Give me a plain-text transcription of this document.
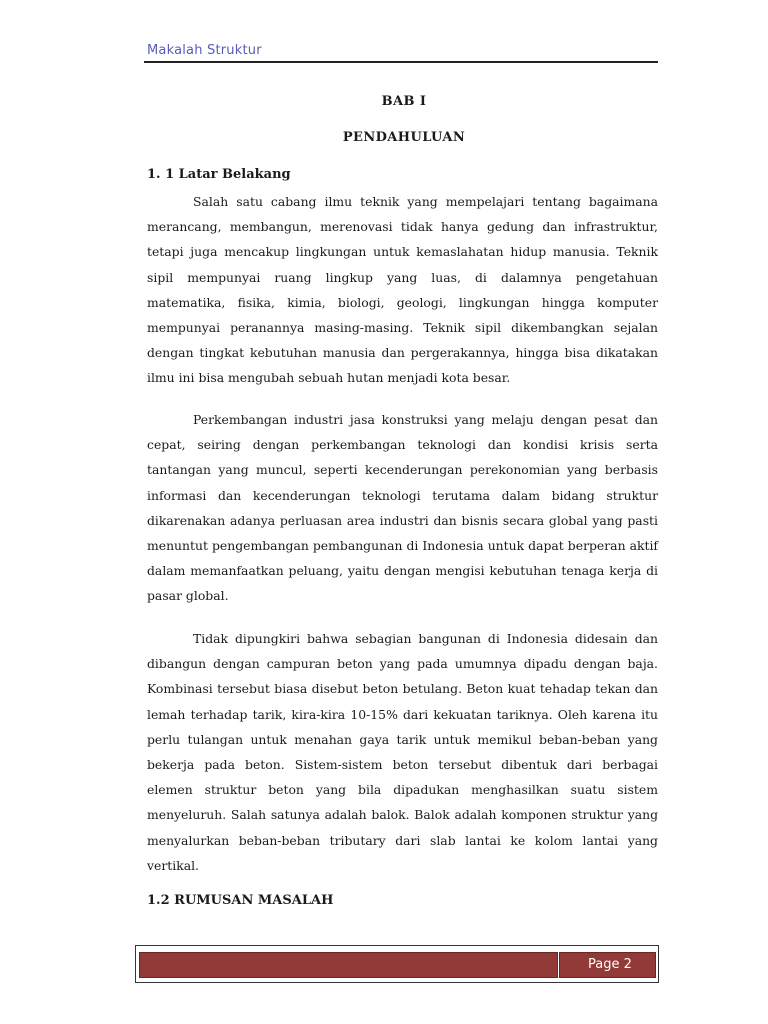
Makalah Struktur
BAB I
PENDAHULUAN
1. 1 Latar Belakang

Salah satu cabang ilmu teknik yang mempelajari tentang bagaimana merancang, membangun, merenovasi tidak hanya gedung dan infrastruktur, tetapi juga mencakup lingkungan untuk kemaslahatan hidup manusia. Teknik sipil mempunyai ruang lingkup yang luas, di dalamnya pengetahuan matematika, fisika, kimia, biologi, geologi, lingkungan hingga komputer mempunyai peranannya masing-masing. Teknik sipil dikembangkan sejalan dengan tingkat kebutuhan manusia dan pergerakannya, hingga bisa dikatakan ilmu ini bisa mengubah sebuah hutan menjadi kota besar.

Perkembangan industri jasa konstruksi yang melaju dengan pesat dan cepat, seiring dengan perkembangan teknologi dan kondisi krisis serta tantangan yang muncul, seperti kecenderungan perekonomian yang berbasis informasi dan kecenderungan teknologi terutama dalam bidang struktur dikarenakan adanya perluasan area industri dan bisnis secara global yang pasti menuntut pengembangan pembangunan di Indonesia untuk dapat berperan aktif dalam memanfaatkan peluang, yaitu dengan mengisi kebutuhan tenaga kerja di pasar global.

Tidak dipungkiri bahwa sebagian bangunan di Indonesia didesain dan dibangun dengan campuran beton yang pada umumnya dipadu dengan baja. Kombinasi tersebut biasa disebut beton betulang. Beton kuat tehadap tekan dan lemah terhadap tarik, kira-kira 10-15% dari kekuatan tariknya. Oleh karena itu perlu tulangan untuk menahan gaya tarik untuk memikul beban-beban yang bekerja pada beton. Sistem-sistem beton tersebut dibentuk dari berbagai elemen struktur beton yang bila dipadukan menghasilkan suatu sistem menyeluruh. Salah satunya adalah balok. Balok adalah komponen struktur yang menyalurkan beban-beban tributary dari slab lantai ke kolom lantai yang vertikal.

1.2 RUMUSAN MASALAH
Page 2
